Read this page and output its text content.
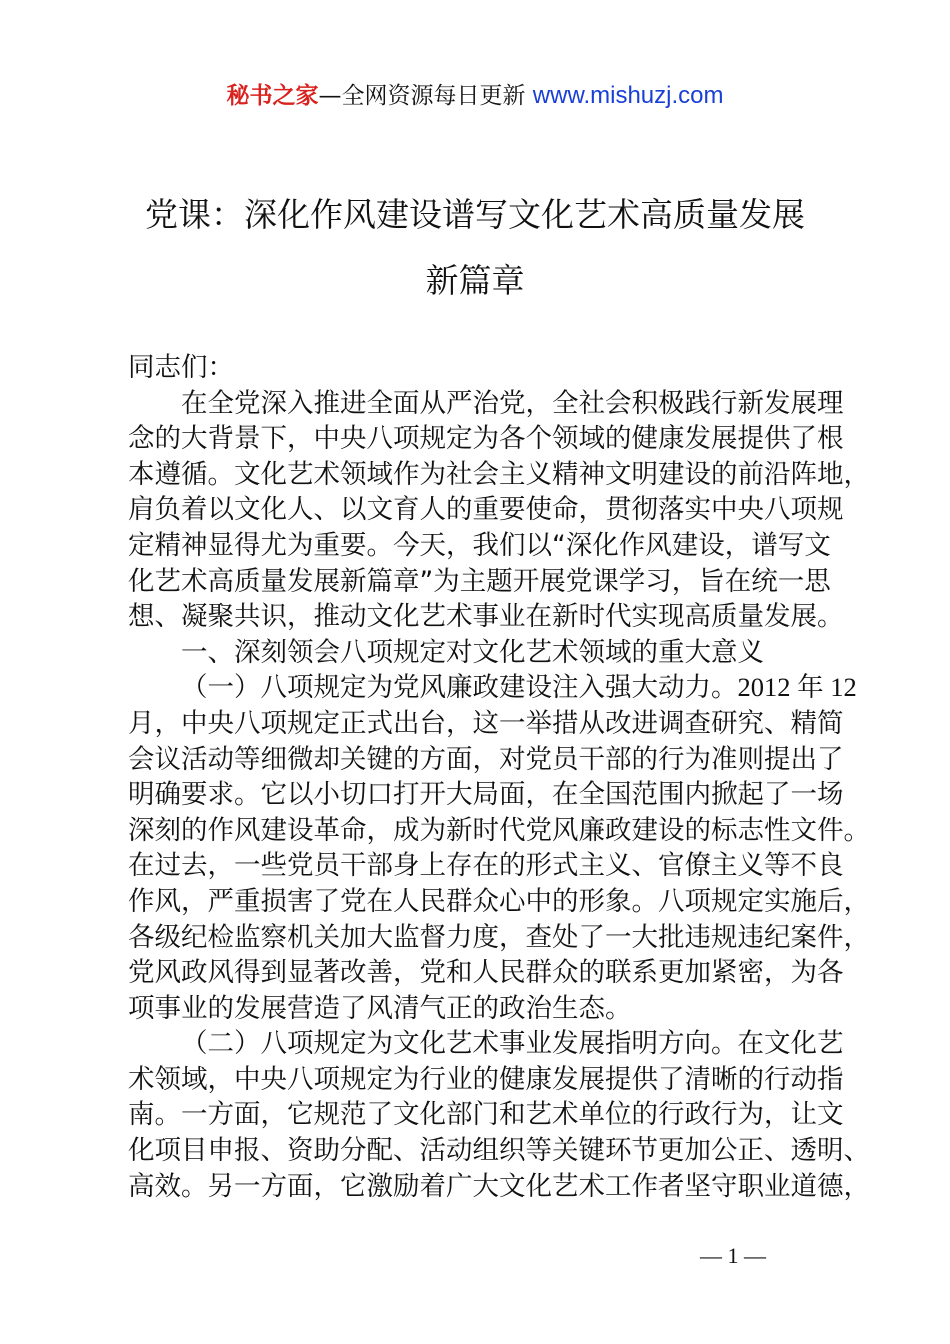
秘书之家—全网资源每日更新 www.mishuzj.com
党课：深化作风建设谱写文化艺术高质量发展
新篇章
同志们：
在全党深入推进全面从严治党，全社会积极践行新发展理
念的大背景下，中央八项规定为各个领域的健康发展提供了根
本遵循。文化艺术领域作为社会主义精神文明建设的前沿阵地，
肩负着以文化人、以文育人的重要使命，贯彻落实中央八项规
定精神显得尤为重要。今天，我们以“深化作风建设，谱写文
化艺术高质量发展新篇章”为主题开展党课学习，旨在统一思
想、凝聚共识，推动文化艺术事业在新时代实现高质量发展。
一、深刻领会八项规定对文化艺术领域的重大意义
（一）八项规定为党风廉政建设注入强大动力。2012 年 12
月，中央八项规定正式出台，这一举措从改进调查研究、精简
会议活动等细微却关键的方面，对党员干部的行为准则提出了
明确要求。它以小切口打开大局面，在全国范围内掀起了一场
深刻的作风建设革命，成为新时代党风廉政建设的标志性文件。
在过去，一些党员干部身上存在的形式主义、官僚主义等不良
作风，严重损害了党在人民群众心中的形象。八项规定实施后，
各级纪检监察机关加大监督力度，查处了一大批违规违纪案件，
党风政风得到显著改善，党和人民群众的联系更加紧密，为各
项事业的发展营造了风清气正的政治生态。
（二）八项规定为文化艺术事业发展指明方向。在文化艺
术领域，中央八项规定为行业的健康发展提供了清晰的行动指
南。一方面，它规范了文化部门和艺术单位的行政行为，让文
化项目申报、资助分配、活动组织等关键环节更加公正、透明、
高效。另一方面，它激励着广大文化艺术工作者坚守职业道德，
— 1 —
